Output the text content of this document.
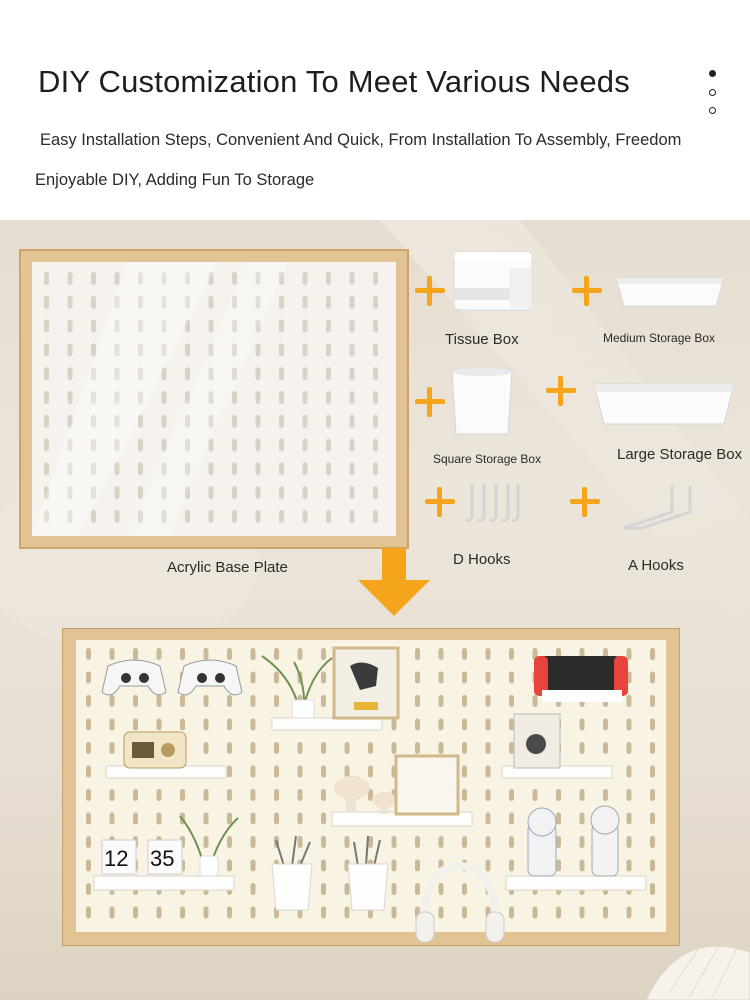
DIY Customization To Meet Various Needs

Easy Installation Steps, Convenient And Quick, From Installation To Assembly, Freedom

Enjoyable DIY, Adding Fun To Storage

Acrylic Base Plate
Tissue Box	Medium Storage Box
Square Storage Box	Large Storage Box
D Hooks	A Hooks
12 35
